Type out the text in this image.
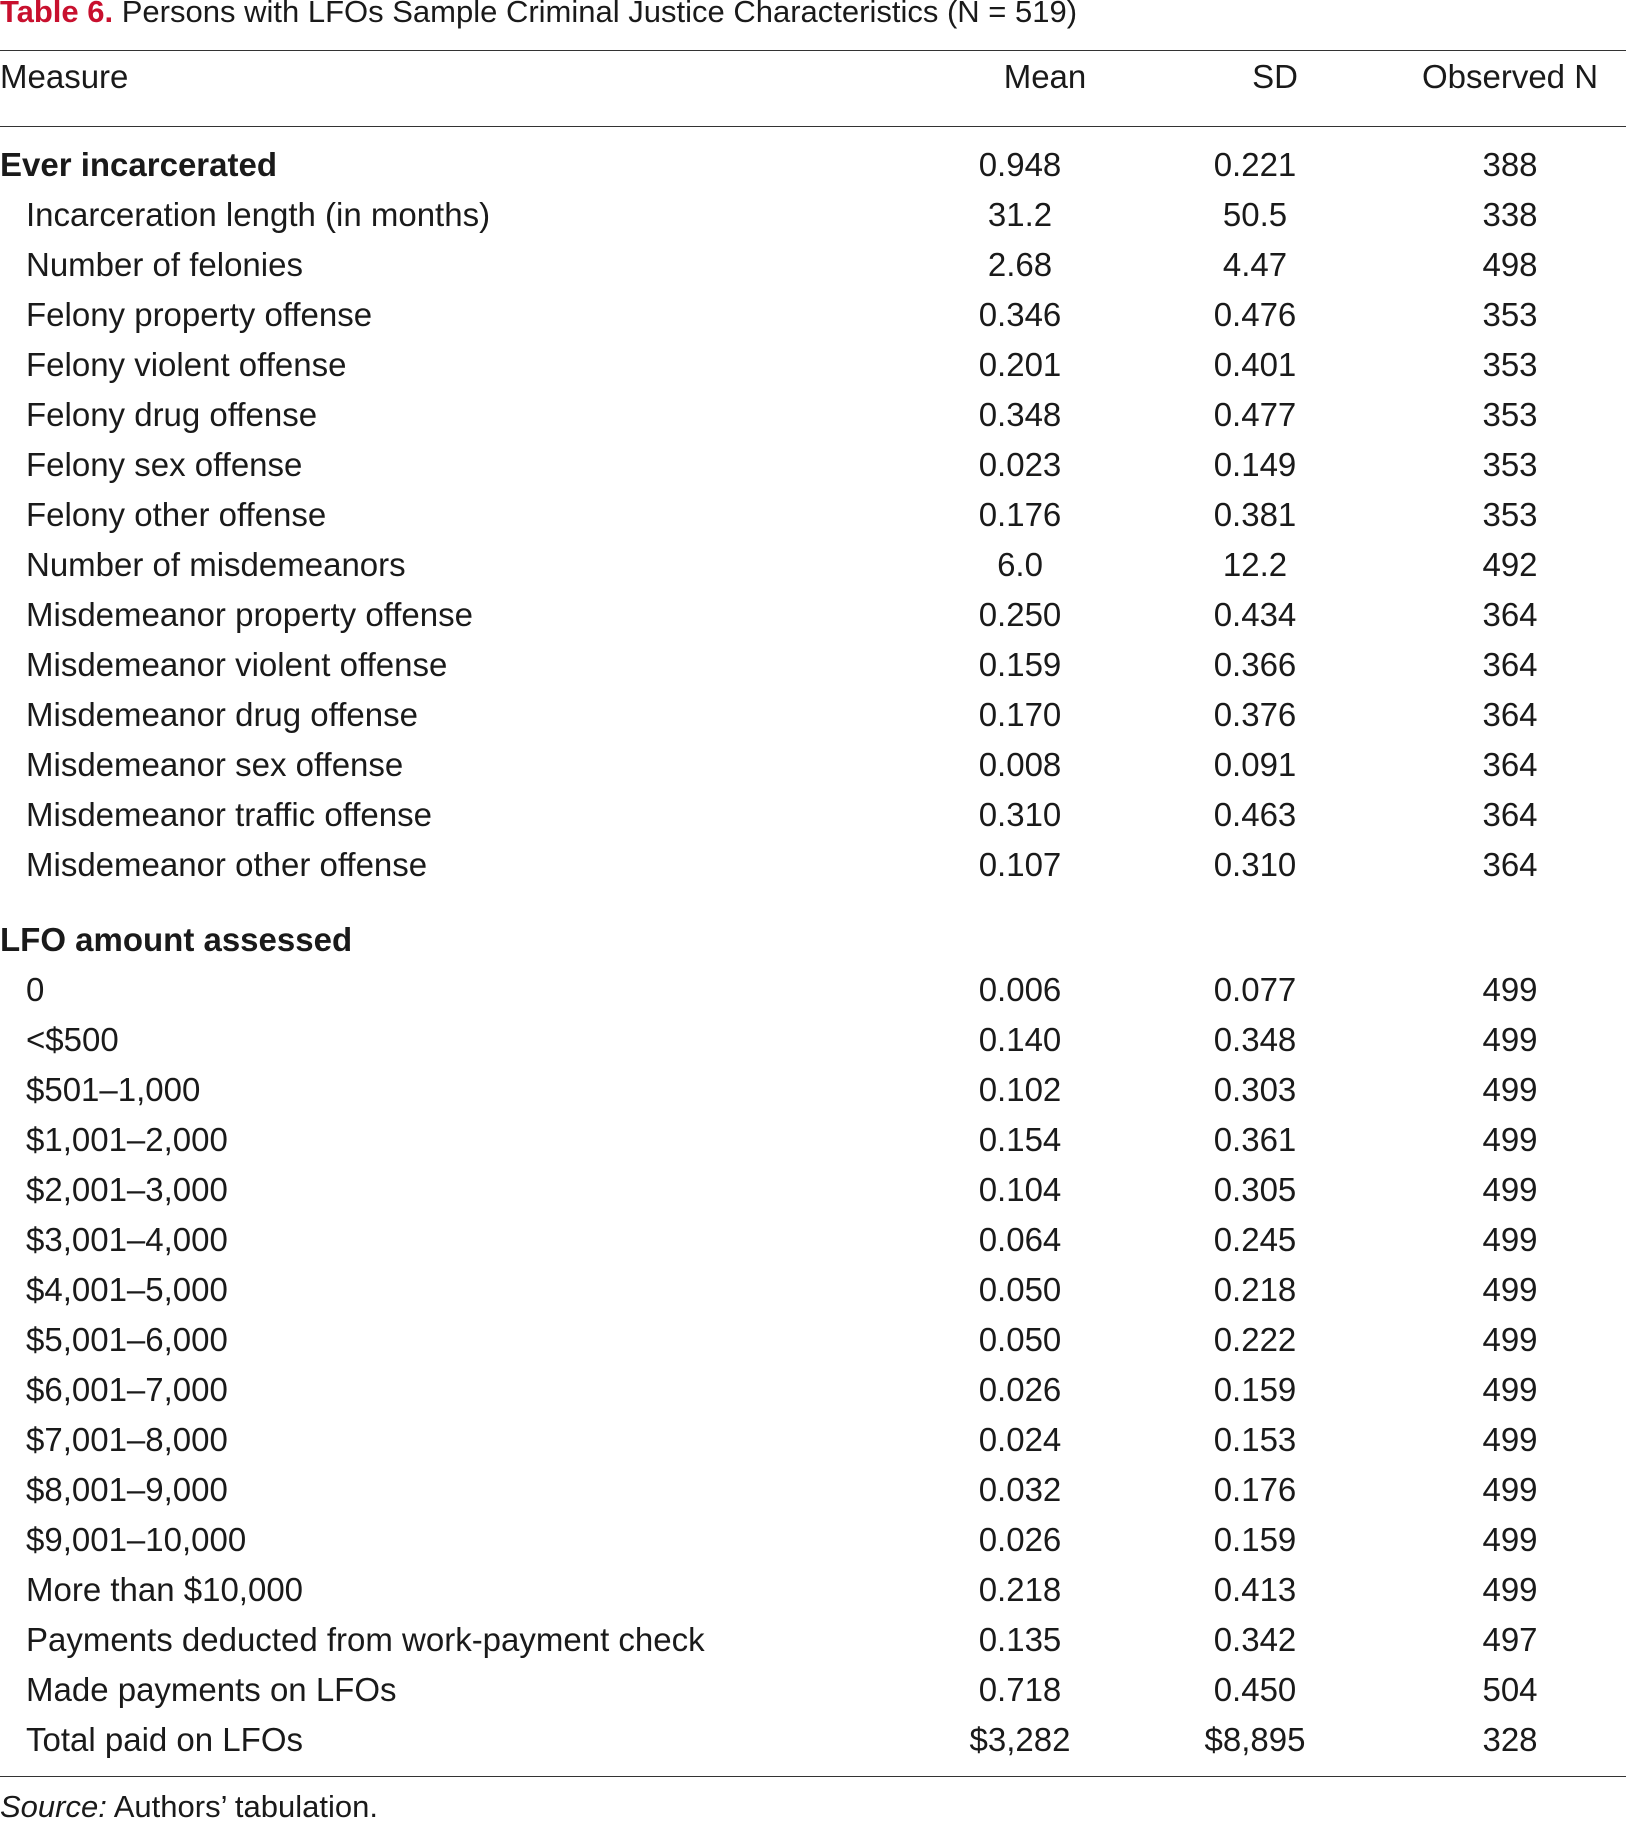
Table 6. Persons with LFOs Sample Criminal Justice Characteristics (N = 519)
Measure	Mean	SD	Observed N
Ever incarcerated	0.948	0.221	388
Incarceration length (in months)	31.2	50.5	338
Number of felonies	2.68	4.47	498
Felony property offense	0.346	0.476	353
Felony violent offense	0.201	0.401	353
Felony drug offense	0.348	0.477	353
Felony sex offense	0.023	0.149	353
Felony other offense	0.176	0.381	353
Number of misdemeanors	6.0	12.2	492
Misdemeanor property offense	0.250	0.434	364
Misdemeanor violent offense	0.159	0.366	364
Misdemeanor drug offense	0.170	0.376	364
Misdemeanor sex offense	0.008	0.091	364
Misdemeanor traffic offense	0.310	0.463	364
Misdemeanor other offense	0.107	0.310	364
LFO amount assessed
0	0.006	0.077	499
<$500	0.140	0.348	499
$501–1,000	0.102	0.303	499
$1,001–2,000	0.154	0.361	499
$2,001–3,000	0.104	0.305	499
$3,001–4,000	0.064	0.245	499
$4,001–5,000	0.050	0.218	499
$5,001–6,000	0.050	0.222	499
$6,001–7,000	0.026	0.159	499
$7,001–8,000	0.024	0.153	499
$8,001–9,000	0.032	0.176	499
$9,001–10,000	0.026	0.159	499
More than $10,000	0.218	0.413	499
Payments deducted from work-payment check	0.135	0.342	497
Made payments on LFOs	0.718	0.450	504
Total paid on LFOs	$3,282	$8,895	328
Source: Authors’ tabulation.
